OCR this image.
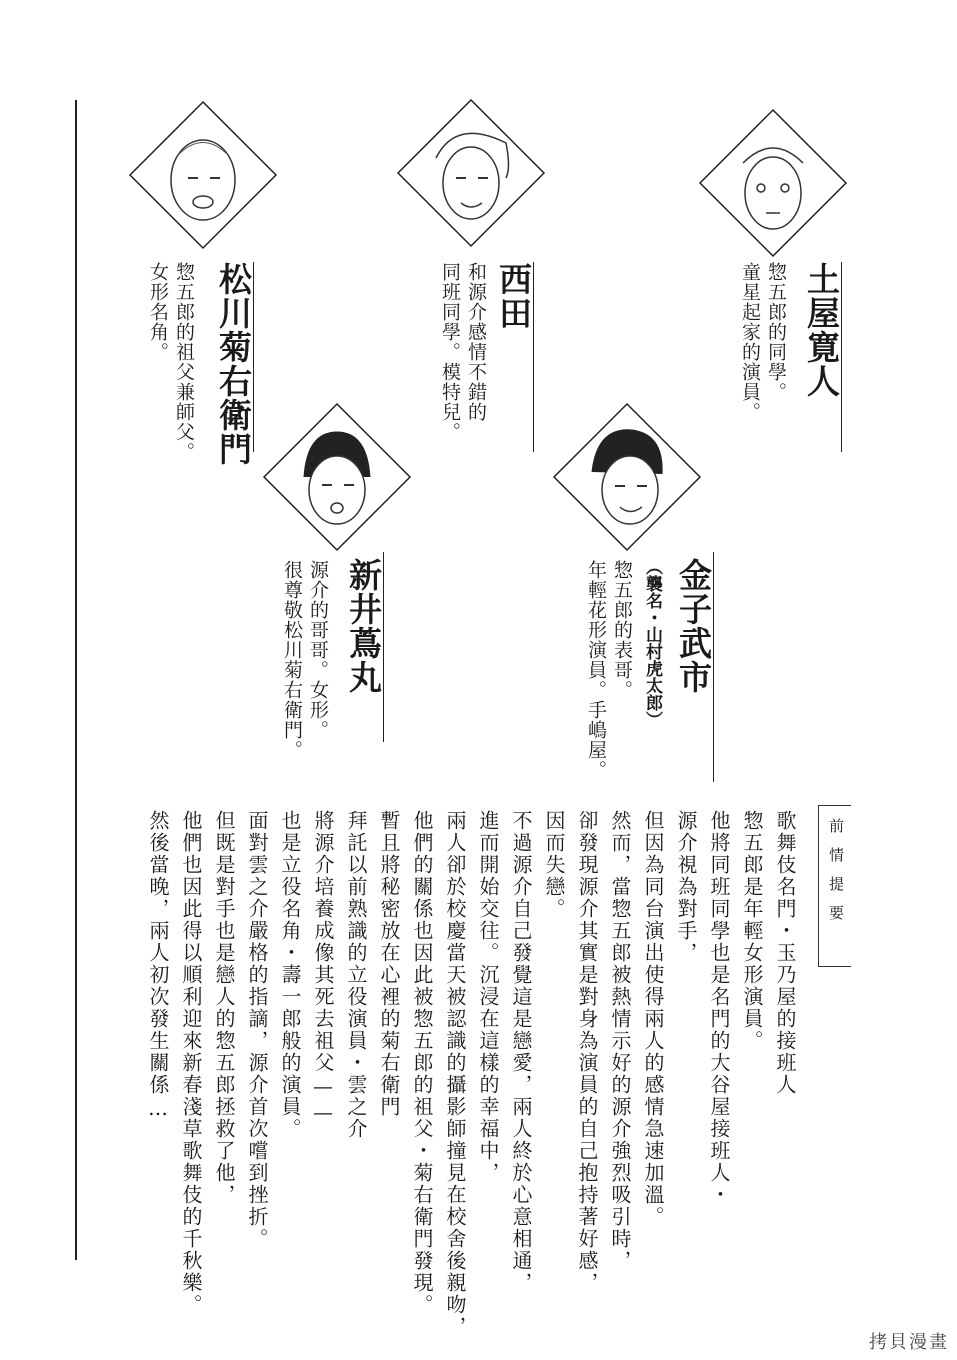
土屋寛人
惣五郎的同學。
童星起家的演員。
西田
和源介感情不錯的
同班同學。模特兒。
松川菊右衛門
惣五郎的祖父兼師父。
女形名角。
金子武市
（襲名・山村虎太郎）
惣五郎的表哥。
年輕花形演員。手嶋屋。
新井蔦丸
源介的哥哥。女形。
很尊敬松川菊右衛門。
前情提要
歌舞伎名門・玉乃屋的接班人
惣五郎是年輕女形演員。
他將同班同學也是名門的大谷屋接班人・
源介視為對手，
但因為同台演出使得兩人的感情急速加溫。
然而，當惣五郎被熱情示好的源介強烈吸引時，
卻發現源介其實是對身為演員的自己抱持著好感，
因而失戀。
不過源介自己發覺這是戀愛，兩人終於心意相通，
進而開始交往。沉浸在這樣的幸福中，
兩人卻於校慶當天被認識的攝影師撞見在校舍後親吻，
他們的關係也因此被惣五郎的祖父・菊右衛門發現。
暫且將秘密放在心裡的菊右衛門
拜託以前熟識的立役演員・雲之介
將源介培養成像其死去祖父——
也是立役名角・壽一郎般的演員。
面對雲之介嚴格的指謫，源介首次嚐到挫折。
但既是對手也是戀人的惣五郎拯救了他，
他們也因此得以順利迎來新春淺草歌舞伎的千秋樂。
然後當晚，兩人初次發生關係…
拷貝漫畫
